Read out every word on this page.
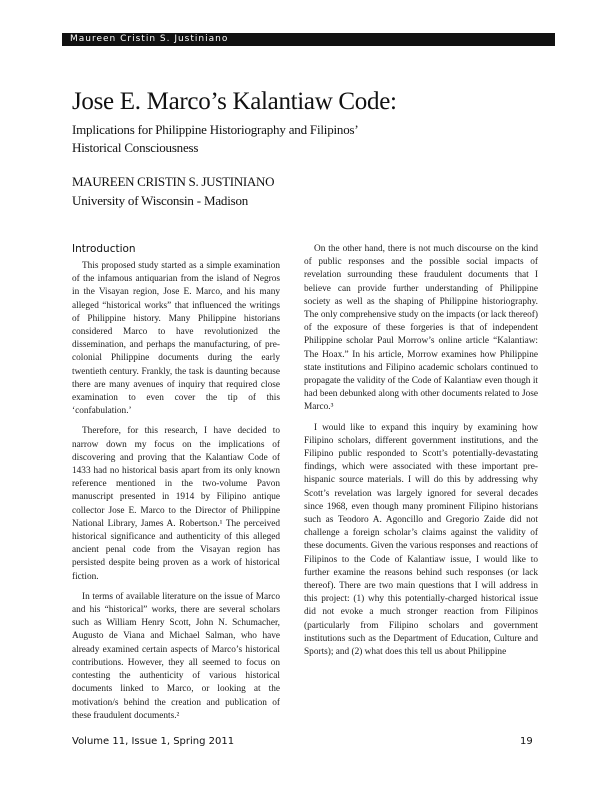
Maureen Cristin S. Justiniano
Jose E. Marco’s Kalantiaw Code:
Implications for Philippine Historiography and Filipinos’ Historical Consciousness
MAUREEN CRISTIN S. JUSTINIANO
University of Wisconsin - Madison
Introduction

This proposed study started as a simple examination of the infamous antiquarian from the island of Negros in the Visayan region, Jose E. Marco, and his many alleged “historical works” that influenced the writings of Philippine history. Many Philippine historians considered Marco to have revolutionized the dissemination, and perhaps the manufacturing, of pre-colonial Philippine documents during the early twentieth century. Frankly, the task is daunting because there are many avenues of inquiry that required close examination to even cover the tip of this ‘confabulation.’

Therefore, for this research, I have decided to narrow down my focus on the implications of discovering and proving that the Kalantiaw Code of 1433 had no historical basis apart from its only known reference mentioned in the two-volume Pavon manuscript presented in 1914 by Filipino antique collector Jose E. Marco to the Director of Philippine National Library, James A. Robertson.¹ The perceived historical significance and authenticity of this alleged ancient penal code from the Visayan region has persisted despite being proven as a work of historical fiction.

In terms of available literature on the issue of Marco and his “historical” works, there are several scholars such as William Henry Scott, John N. Schumacher, Augusto de Viana and Michael Salman, who have already examined certain aspects of Marco’s historical contributions. However, they all seemed to focus on contesting the authenticity of various historical documents linked to Marco, or looking at the motivation/s behind the creation and publication of these fraudulent documents.²

On the other hand, there is not much discourse on the kind of public responses and the possible social impacts of revelation surrounding these fraudulent documents that I believe can provide further understanding of Philippine society as well as the shaping of Philippine historiography. The only comprehensive study on the impacts (or lack thereof) of the exposure of these forgeries is that of independent Philippine scholar Paul Morrow’s online article “Kalantiaw: The Hoax.” In his article, Morrow examines how Philippine state institutions and Filipino academic scholars continued to propagate the validity of the Code of Kalantiaw even though it had been debunked along with other documents related to Jose Marco.³

I would like to expand this inquiry by examining how Filipino scholars, different government institutions, and the Filipino public responded to Scott’s potentially-devastating findings, which were associated with these important pre-hispanic source materials. I will do this by addressing why Scott’s revelation was largely ignored for several decades since 1968, even though many prominent Filipino historians such as Teodoro A. Agoncillo and Gregorio Zaide did not challenge a foreign scholar’s claims against the validity of these documents. Given the various responses and reactions of Filipinos to the Code of Kalantiaw issue, I would like to further examine the reasons behind such responses (or lack thereof). There are two main questions that I will address in this project: (1) why this potentially-charged historical issue did not evoke a much stronger reaction from Filipinos (particularly from Filipino scholars and government institutions such as the Department of Education, Culture and Sports); and (2) what does this tell us about Philippine

Volume 11, Issue 1, Spring 2011	19
